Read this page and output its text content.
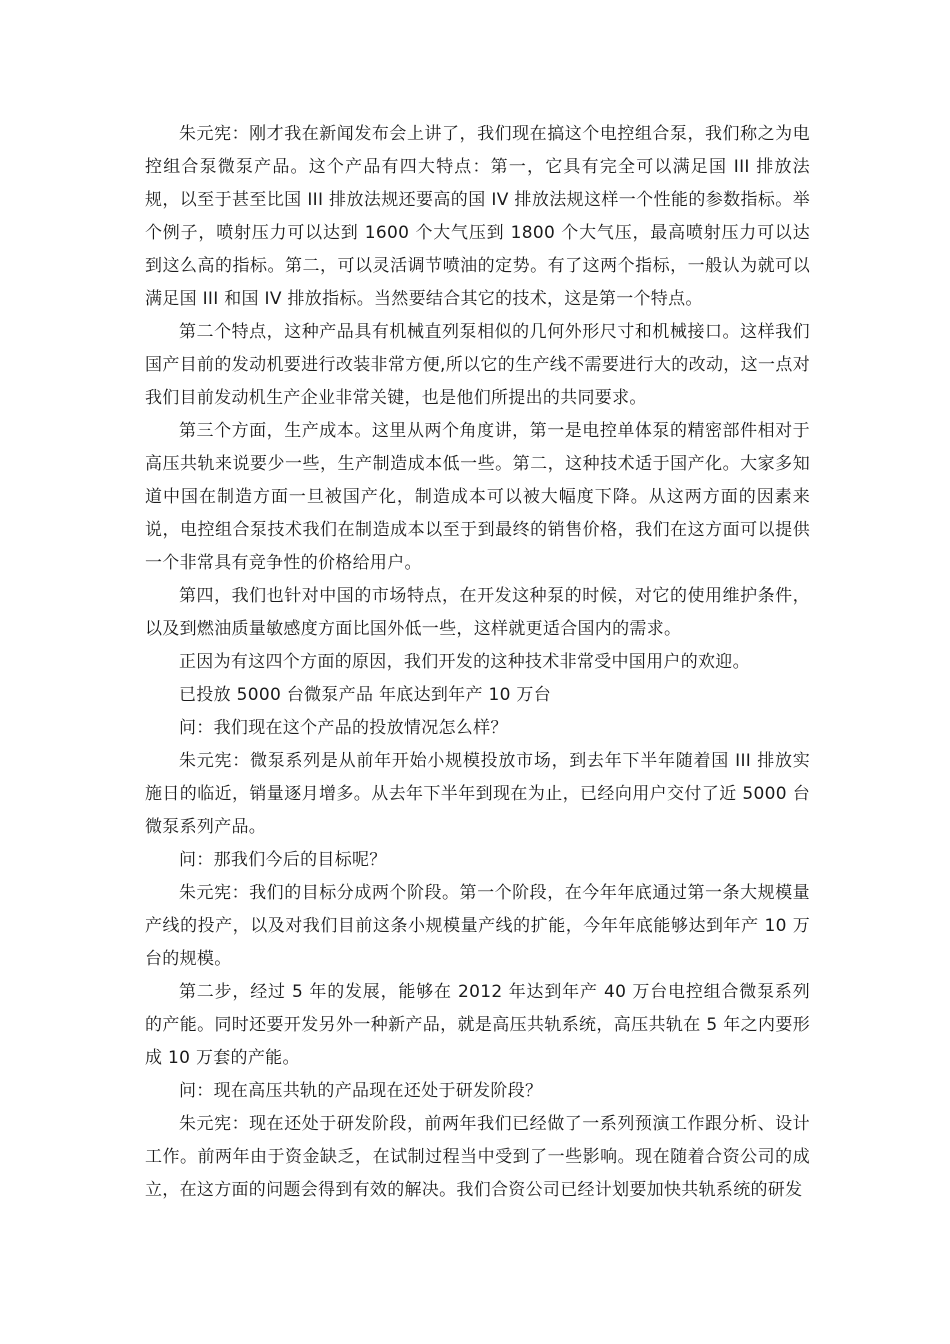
朱元宪：刚才我在新闻发布会上讲了，我们现在搞这个电控组合泵，我们称之为电控组合泵微泵产品。这个产品有四大特点：第一，它具有完全可以满足国 III 排放法规，以至于甚至比国 III 排放法规还要高的国 IV 排放法规这样一个性能的参数指标。举个例子，喷射压力可以达到 1600 个大气压到 1800 个大气压，最高喷射压力可以达到这么高的指标。第二，可以灵活调节喷油的定势。有了这两个指标，一般认为就可以满足国 III 和国 IV 排放指标。当然要结合其它的技术，这是第一个特点。

第二个特点，这种产品具有机械直列泵相似的几何外形尺寸和机械接口。这样我们国产目前的发动机要进行改装非常方便,所以它的生产线不需要进行大的改动，这一点对我们目前发动机生产企业非常关键，也是他们所提出的共同要求。

第三个方面，生产成本。这里从两个角度讲，第一是电控单体泵的精密部件相对于高压共轨来说要少一些，生产制造成本低一些。第二，这种技术适于国产化。大家多知道中国在制造方面一旦被国产化，制造成本可以被大幅度下降。从这两方面的因素来说，电控组合泵技术我们在制造成本以至于到最终的销售价格，我们在这方面可以提供一个非常具有竞争性的价格给用户。

第四，我们也针对中国的市场特点，在开发这种泵的时候，对它的使用维护条件，以及到燃油质量敏感度方面比国外低一些，这样就更适合国内的需求。

正因为有这四个方面的原因，我们开发的这种技术非常受中国用户的欢迎。

已投放 5000 台微泵产品 年底达到年产 10 万台

问：我们现在这个产品的投放情况怎么样？

朱元宪：微泵系列是从前年开始小规模投放市场，到去年下半年随着国 III 排放实施日的临近，销量逐月增多。从去年下半年到现在为止，已经向用户交付了近 5000 台微泵系列产品。

问：那我们今后的目标呢？

朱元宪：我们的目标分成两个阶段。第一个阶段，在今年年底通过第一条大规模量产线的投产，以及对我们目前这条小规模量产线的扩能，今年年底能够达到年产 10 万台的规模。

第二步，经过 5 年的发展，能够在 2012 年达到年产 40 万台电控组合微泵系列的产能。同时还要开发另外一种新产品，就是高压共轨系统，高压共轨在 5 年之内要形成 10 万套的产能。

问：现在高压共轨的产品现在还处于研发阶段？

朱元宪：现在还处于研发阶段，前两年我们已经做了一系列预演工作跟分析、设计工作。前两年由于资金缺乏，在试制过程当中受到了一些影响。现在随着合资公司的成立，在这方面的问题会得到有效的解决。我们合资公司已经计划要加快共轨系统的研发
